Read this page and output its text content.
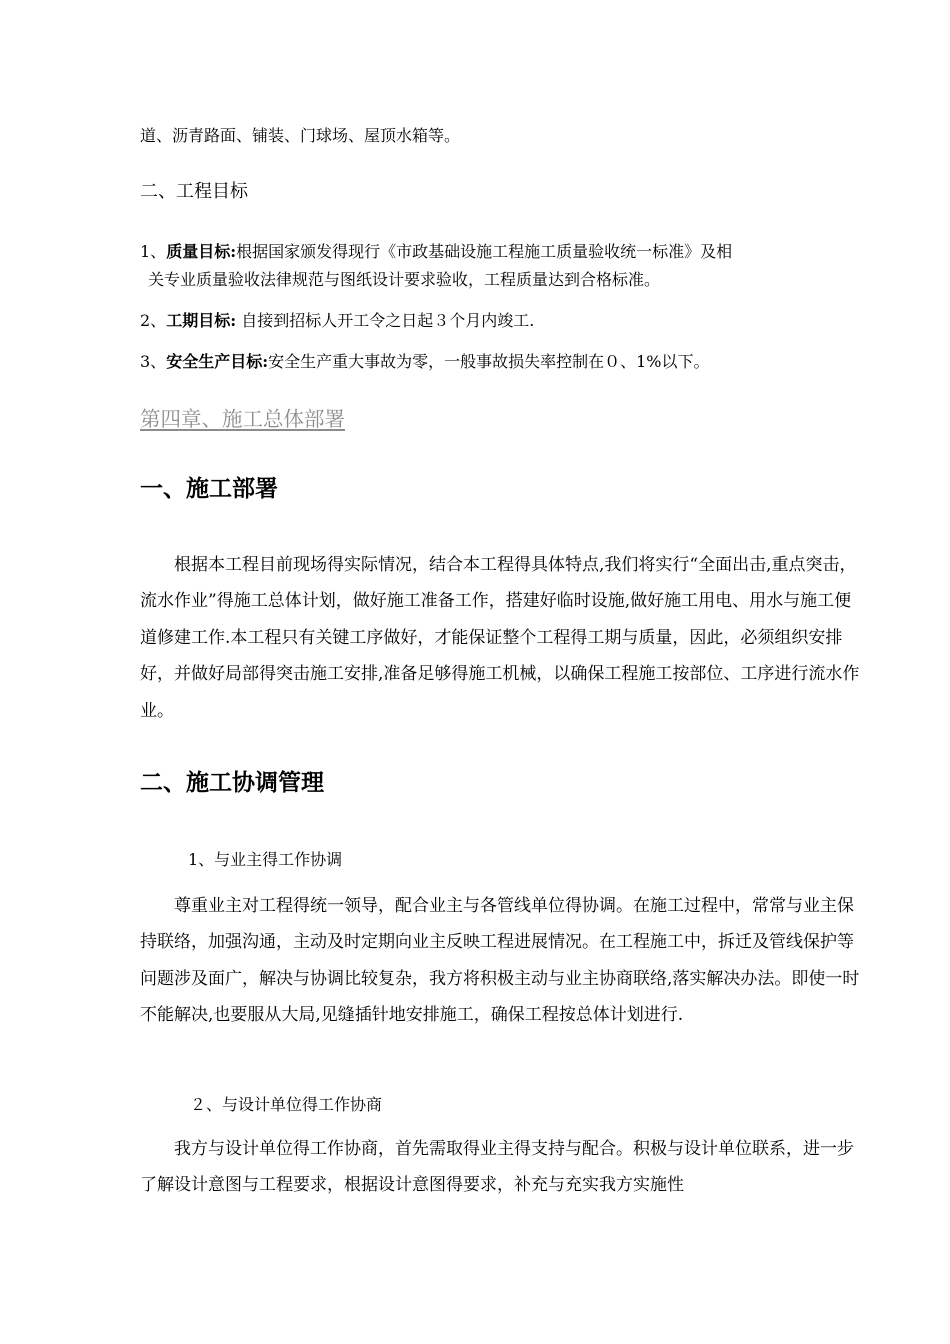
道、沥青路面、铺装、门球场、屋顶水箱等。

二、工程目标

1、质量目标:根据国家颁发得现行《市政基础设施工程施工质量验收统一标准》及相
关专业质量验收法律规范与图纸设计要求验收，工程质量达到合格标准。

2、工期目标: 自接到招标人开工令之日起３个月内竣工.

3、安全生产目标:安全生产重大事故为零，一般事故损失率控制在０、1%以下。

第四章、施工总体部署

一、施工部署

根据本工程目前现场得实际情况，结合本工程得具体特点,我们将实行“全面出击,重点突击，流水作业”得施工总体计划，做好施工准备工作，搭建好临时设施,做好施工用电、用水与施工便道修建工作.本工程只有关键工序做好，才能保证整个工程得工期与质量，因此，必须组织安排好，并做好局部得突击施工安排,准备足够得施工机械，以确保工程施工按部位、工序进行流水作业。

二、施工协调管理

1、与业主得工作协调

尊重业主对工程得统一领导，配合业主与各管线单位得协调。在施工过程中，常常与业主保持联络，加强沟通，主动及时定期向业主反映工程进展情况。在工程施工中，拆迁及管线保护等问题涉及面广，解决与协调比较复杂，我方将积极主动与业主协商联络,落实解决办法。即使一时不能解决,也要服从大局,见缝插针地安排施工，确保工程按总体计划进行.

２、与设计单位得工作协商

我方与设计单位得工作协商，首先需取得业主得支持与配合。积极与设计单位联系，进一步了解设计意图与工程要求，根据设计意图得要求，补充与充实我方实施性
